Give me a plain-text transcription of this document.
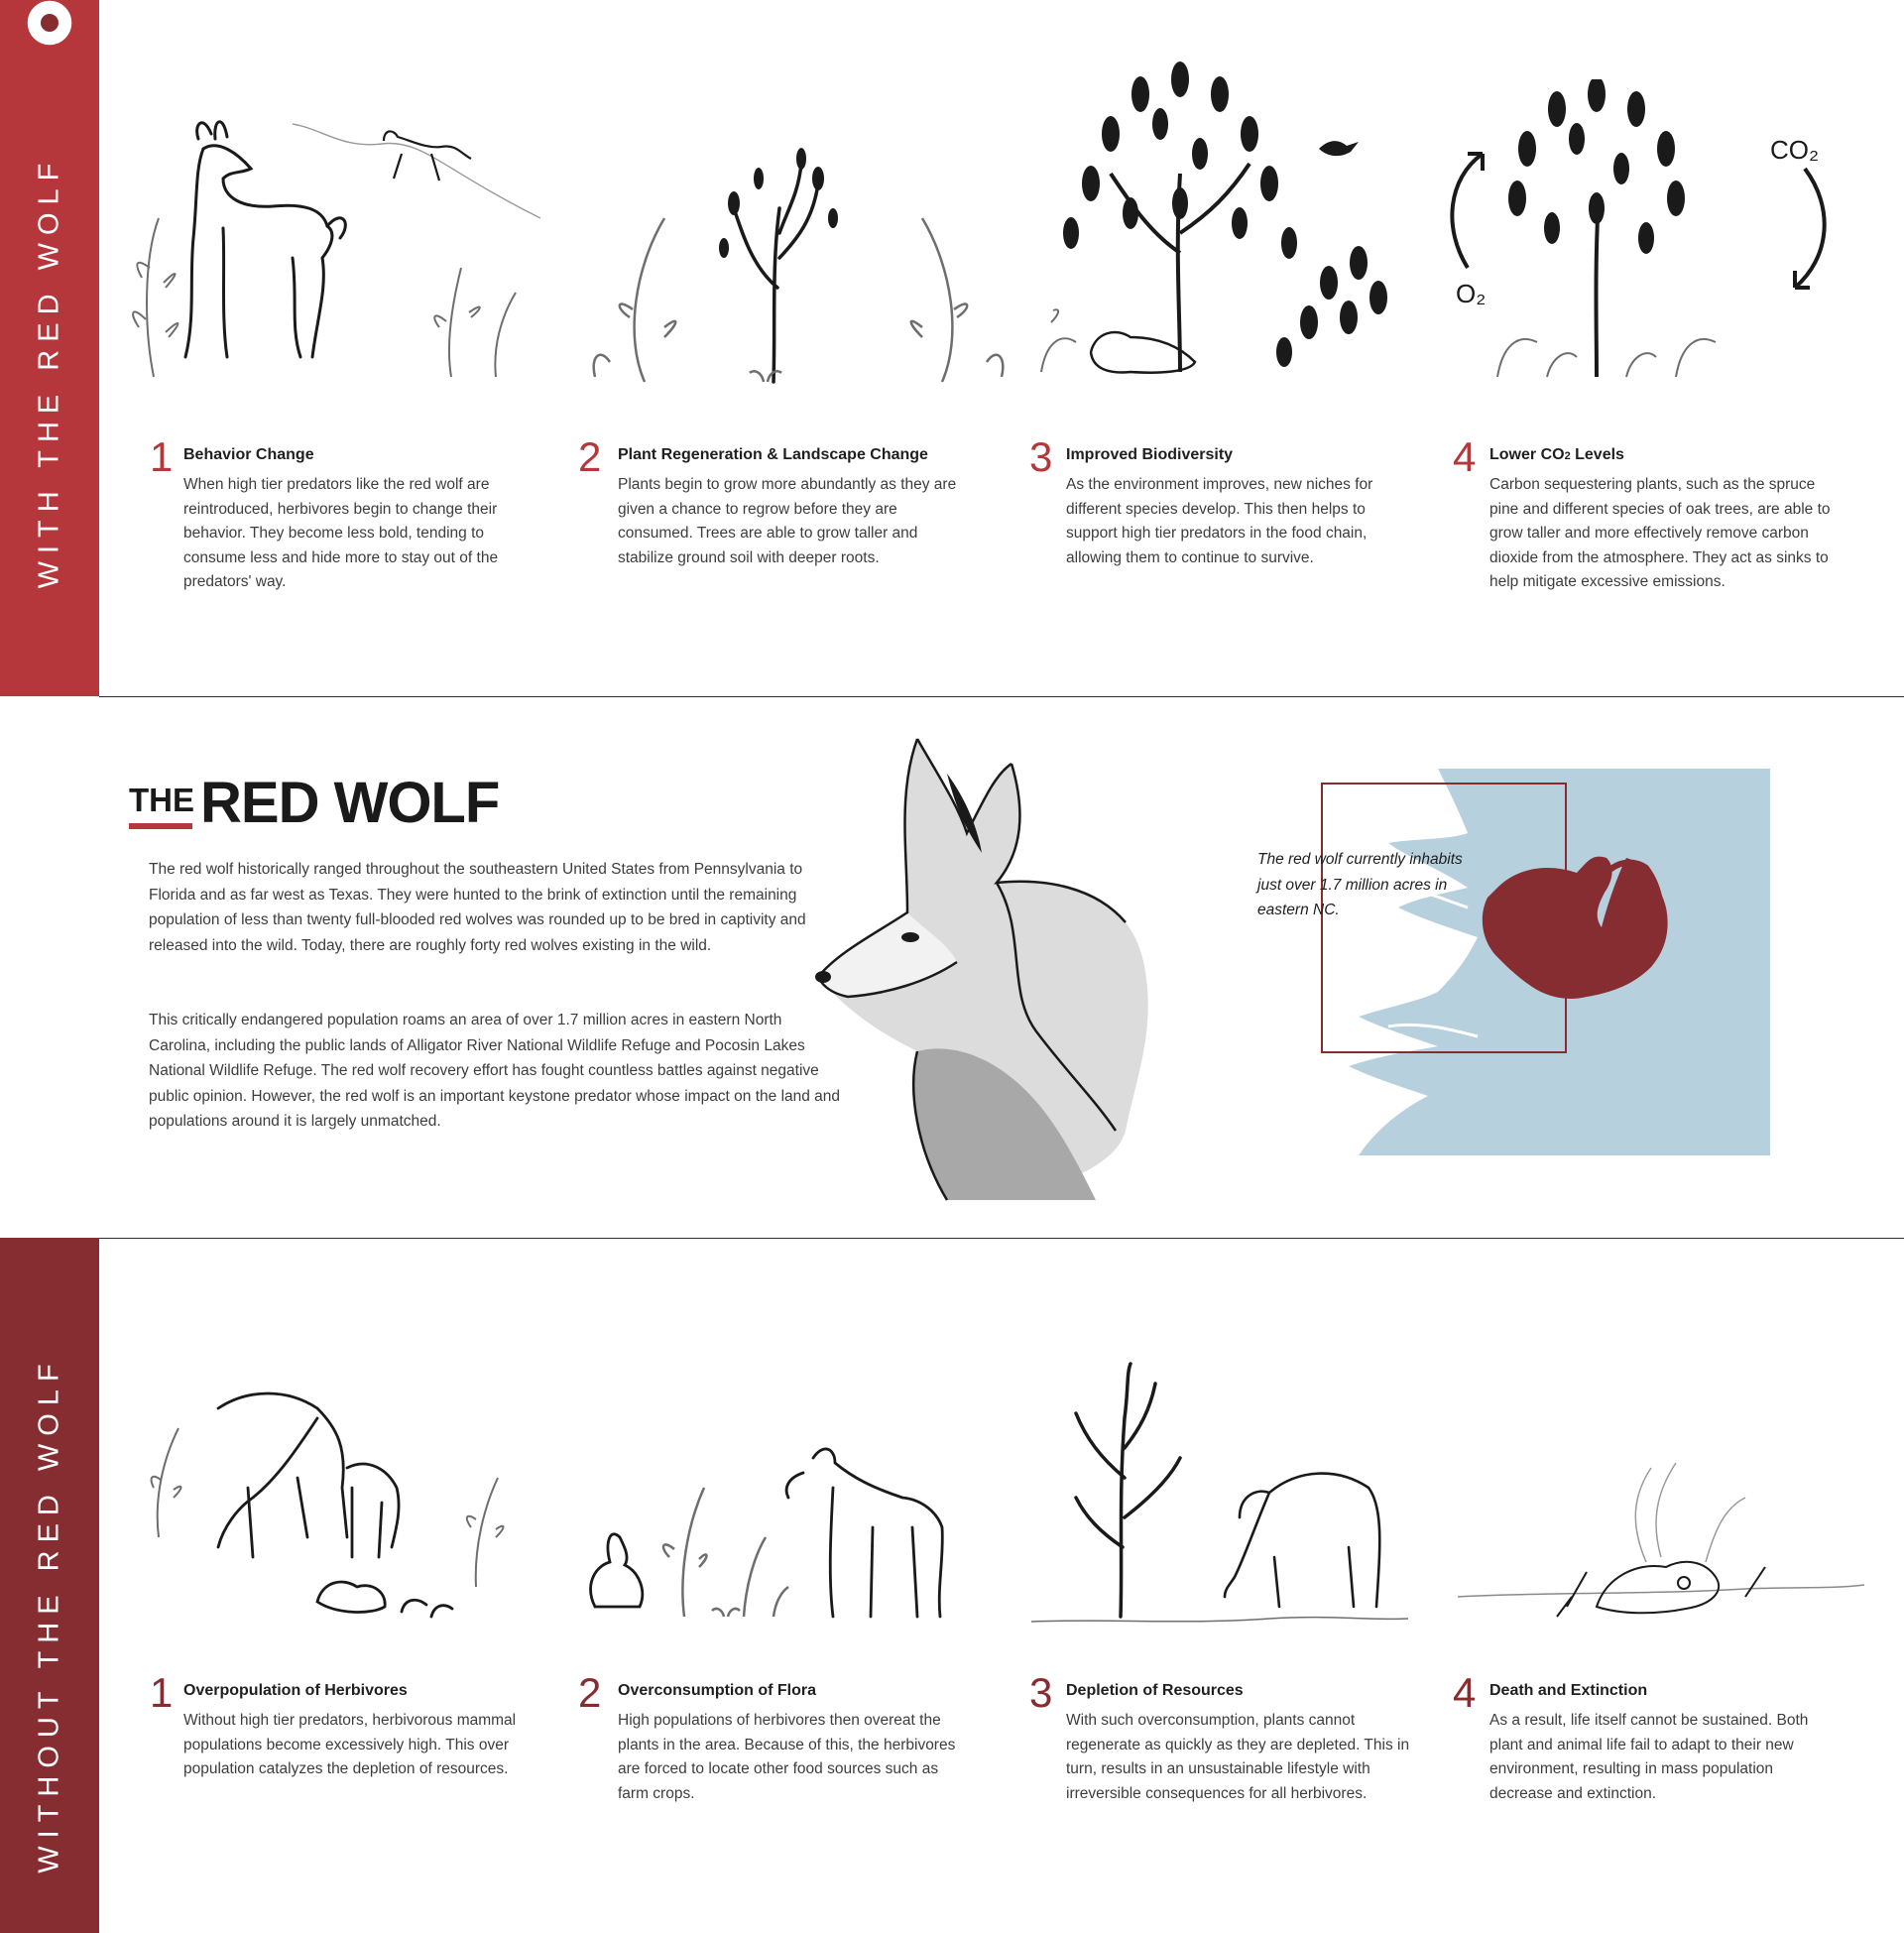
WITH THE RED WOLF	O₂
CO₂
1 Behavior Change

When high tier predators like the red wolf are reintroduced, herbivores begin to change their behavior. They become less bold, tending to consume less and hide more to stay out of the predators' way.

2 Plant Regeneration & Landscape Change

Plants begin to grow more abundantly as they are given a chance to regrow before they are consumed. Trees are able to grow taller and stabilize ground soil with deeper roots.

3 Improved Biodiversity

As the environment improves, new niches for different species develop. This then helps to support high tier predators in the food chain, allowing them to continue to survive.

4 Lower CO2 Levels

Carbon sequestering plants, such as the spruce pine and different species of oak trees, are able to grow taller and more effectively remove carbon dioxide from the atmosphere. They act as sinks to help mitigate excessive emissions.

THE RED WOLF

The red wolf historically ranged throughout the southeastern United States from Pennsylvania to Florida and as far west as Texas. They were hunted to the brink of extinction until the remaining population of less than twenty full-blooded red wolves was rounded up to be bred in captivity and released into the wild. Today, there are roughly forty red wolves existing in the wild.

This critically endangered population roams an area of over 1.7 million acres in eastern North Carolina, including the public lands of Alligator River National Wildlife Refuge and Pocosin Lakes National Wildlife Refuge. The red wolf recovery effort has fought countless battles against negative public opinion. However, the red wolf is an important keystone predator whose impact on the land and populations around it is largely unmatched.

The red wolf currently inhabits just over 1.7 million acres in eastern NC.

WITHOUT THE RED WOLF 1 Overpopulation of Herbivores

Without high tier predators, herbivorous mammal populations become excessively high. This over population catalyzes the depletion of resources.

2 Overconsumption of Flora

High populations of herbivores then overeat the plants in the area. Because of this, the herbivores are forced to locate other food sources such as farm crops.

3 Depletion of Resources

With such overconsumption, plants cannot regenerate as quickly as they are depleted. This in turn, results in an unsustainable lifestyle with irreversible consequences for all herbivores.

4 Death and Extinction

As a result, life itself cannot be sustained. Both plant and animal life fail to adapt to their new environment, resulting in mass population decrease and extinction.
